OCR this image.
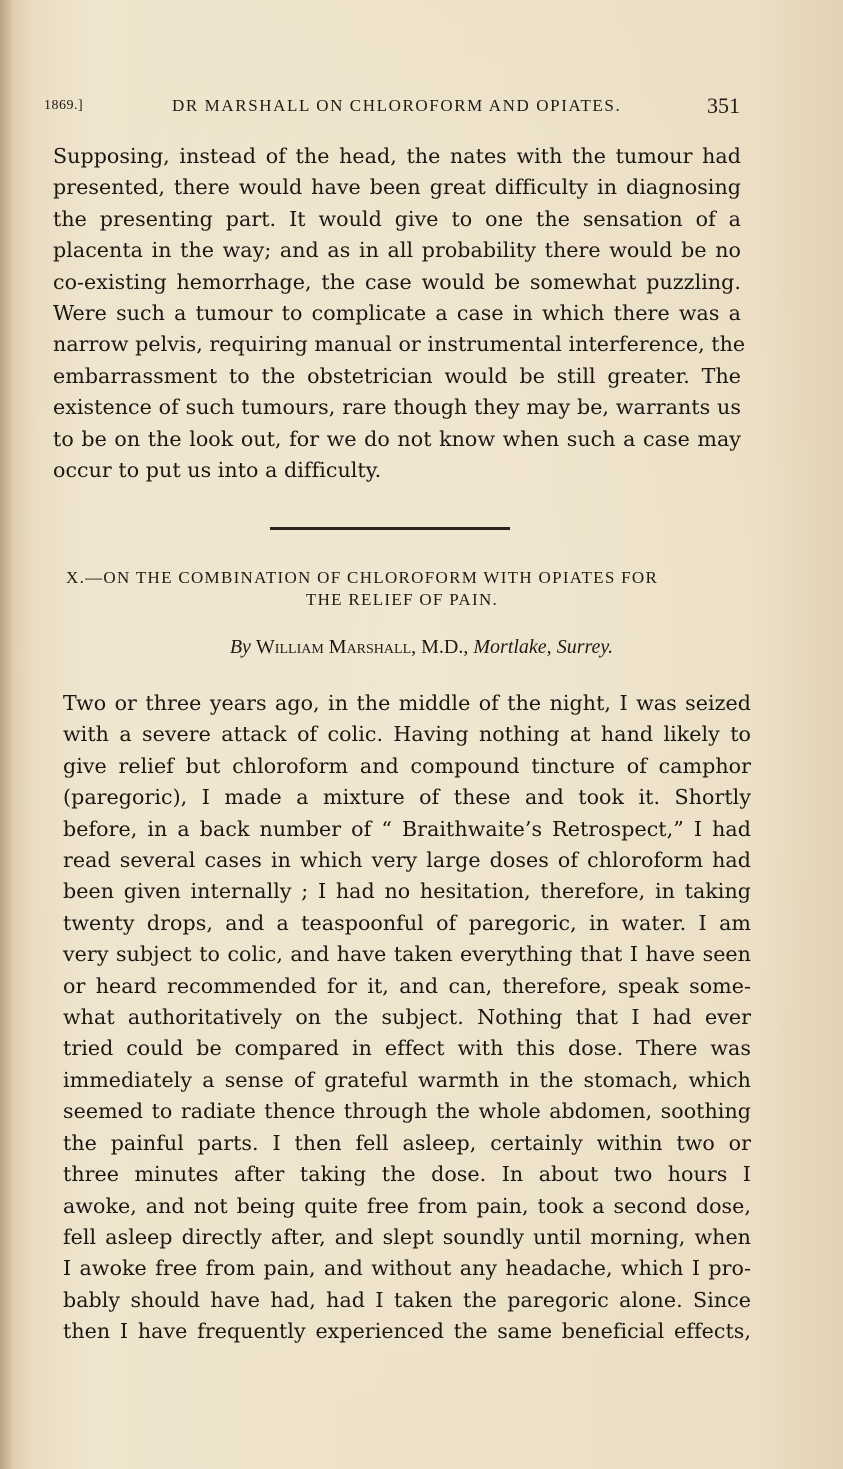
1869.]	DR MARSHALL ON CHLOROFORM AND OPIATES.	351
Supposing, instead of the head, the nates with the tumour had
presented, there would have been great difficulty in diagnosing
the presenting part. It would give to one the sensation of a
placenta in the way; and as in all probability there would be no
co-existing hemorrhage, the case would be somewhat puzzling.
Were such a tumour to complicate a case in which there was a
narrow pelvis, requiring manual or instrumental interference, the
embarrassment to the obstetrician would be still greater. The
existence of such tumours, rare though they may be, warrants us
to be on the look out, for we do not know when such a case may
occur to put us into a difficulty.
X.—ON THE COMBINATION OF CHLOROFORM WITH OPIATES FOR
THE RELIEF OF PAIN.
By William Marshall, M.D., Mortlake, Surrey.
Two or three years ago, in the middle of the night, I was seized
with a severe attack of colic. Having nothing at hand likely to
give relief but chloroform and compound tincture of camphor
(paregoric), I made a mixture of these and took it. Shortly
before, in a back number of “ Braithwaite’s Retrospect,” I had
read several cases in which very large doses of chloroform had
been given internally ; I had no hesitation, therefore, in taking
twenty drops, and a teaspoonful of paregoric, in water. I am
very subject to colic, and have taken everything that I have seen
or heard recommended for it, and can, therefore, speak some-
what authoritatively on the subject. Nothing that I had ever
tried could be compared in effect with this dose. There was
immediately a sense of grateful warmth in the stomach, which
seemed to radiate thence through the whole abdomen, soothing
the painful parts. I then fell asleep, certainly within two or
three minutes after taking the dose. In about two hours I
awoke, and not being quite free from pain, took a second dose,
fell asleep directly after, and slept soundly until morning, when
I awoke free from pain, and without any headache, which I pro-
bably should have had, had I taken the paregoric alone. Since
then I have frequently experienced the same beneficial effects,
